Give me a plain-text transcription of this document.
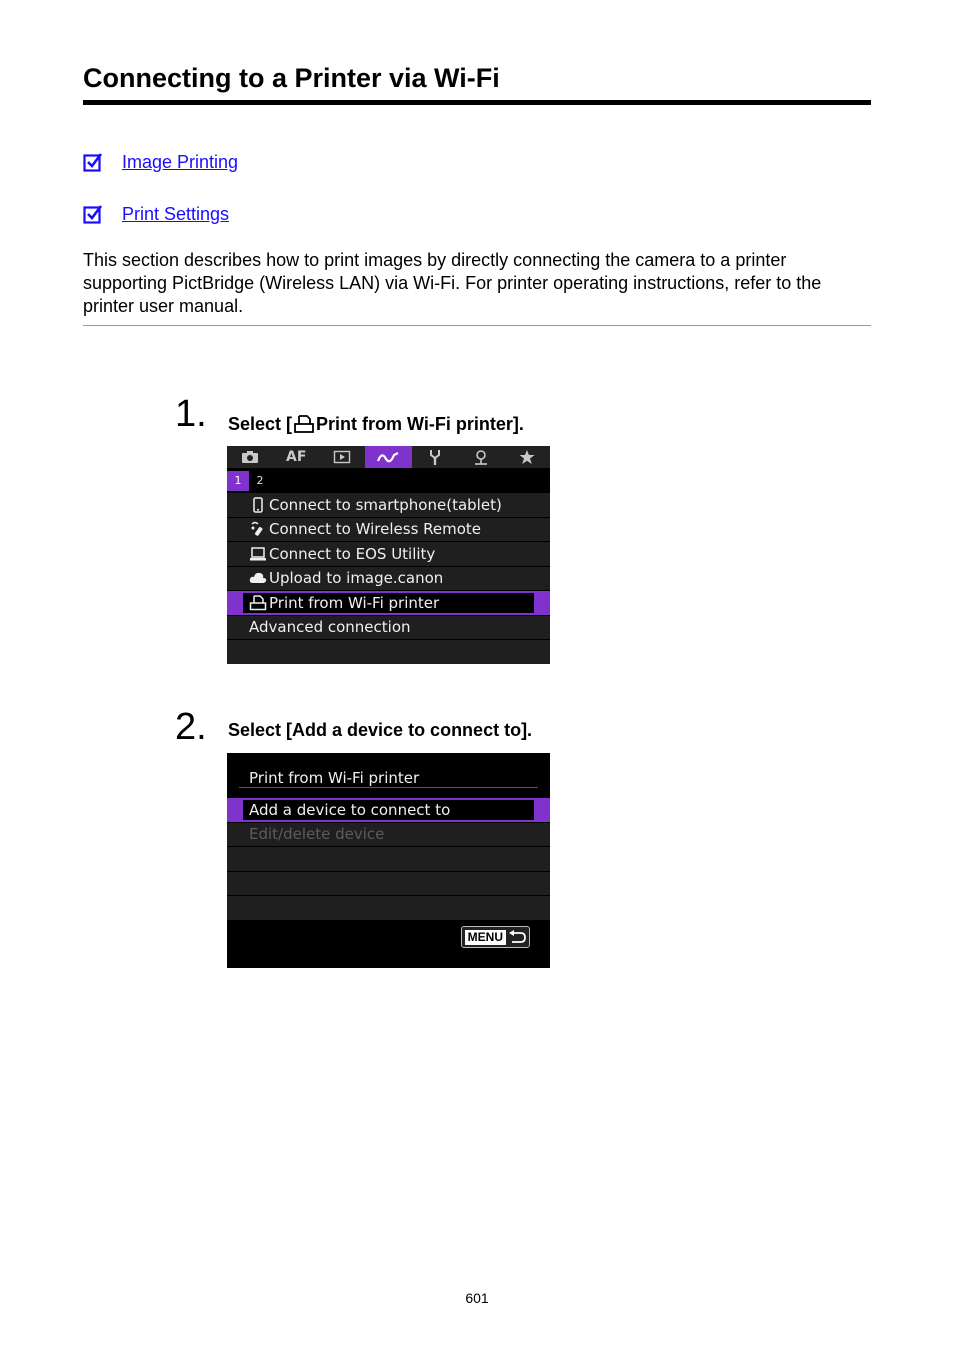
Connecting to a Printer via Wi-Fi
Image Printing
Print Settings
This section describes how to print images by directly connecting the camera to a printer supporting PictBridge (Wireless LAN) via Wi-Fi. For printer operating instructions, refer to the printer user manual.
1. Select [ Print from Wi-Fi printer].
AF
1	2
Connect to smartphone(tablet)
Connect to Wireless Remote
Connect to EOS Utility
Upload to image.canon
Print from Wi-Fi printer
Advanced connection
2. Select [Add a device to connect to].
Print from Wi-Fi printer
Add a device to connect to
Edit/delete device
MENU
601
